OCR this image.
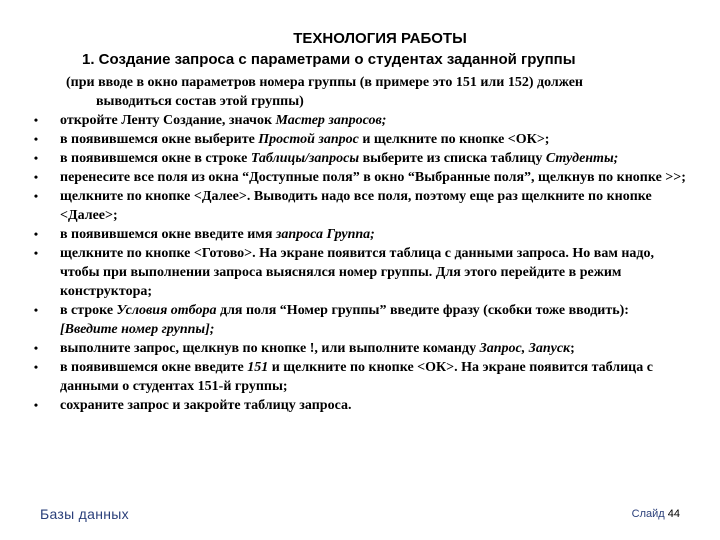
ТЕХНОЛОГИЯ РАБОТЫ
1. Создание запроса с параметрами о студентах заданной группы
(при вводе в окно параметров номера группы (в примере это 151 или 152) должен
выводиться состав этой группы)
• откройте Ленту Создание, значок Мастер запросов;
• в появившемся окне выберите Простой запрос и щелкните по кнопке <ОК>;
• в появившемся окне в строке Таблицы/запросы выберите из списка таблицу Студенты;
• перенесите все поля из окна “Доступные поля” в окно “Выбранные поля”, щелкнув по кнопке >>;
• щелкните по кнопке <Далее>. Выводить надо все поля, поэтому еще раз щелкните по кнопке <Далее>;
• в появившемся окне введите имя запроса Группа;
• щелкните по кнопке <Готово>. На экране появится таблица с данными запроса. Но вам надо, чтобы при выполнении запроса выяснялся номер группы. Для этого перейдите в режим конструктора;
• в строке Условия отбора для поля “Номер группы” введите фразу (скобки тоже вводить): [Введите номер группы];
• выполните запрос, щелкнув по кнопке !, или выполните команду Запрос, Запуск;
• в появившемся окне введите 151 и щелкните по кнопке <ОК>. На экране появится таблица с данными о студентах 151-й группы;
• сохраните запрос и закройте таблицу запроса.
Базы данных	Слайд 44
